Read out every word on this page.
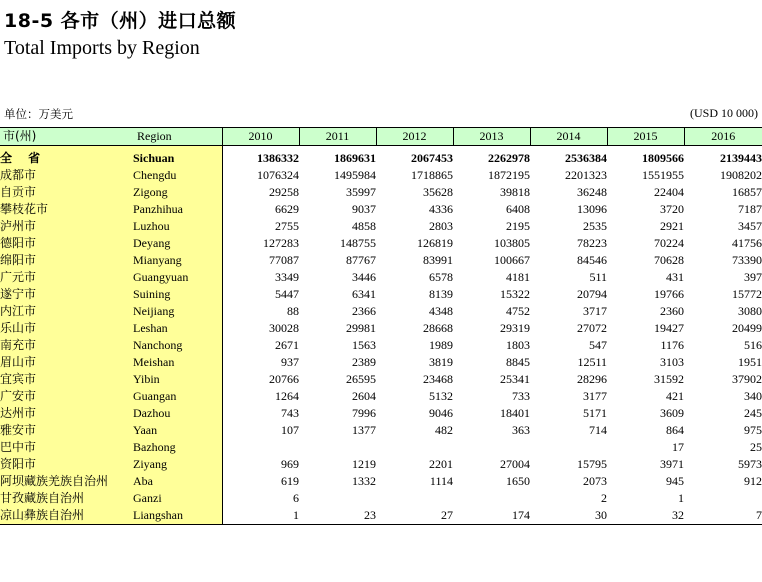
18-5 各市（州）进口总额
Total Imports by Region
单位：万美元	(USD 10 000)
市(州)	Region	2010	2011	2012	2013	2014	2015	2016
全 省	Sichuan	1386332	1869631	2067453	2262978	2536384	1809566	2139443
成都市	Chengdu	1076324	1495984	1718865	1872195	2201323	1551955	1908202
自贡市	Zigong	29258	35997	35628	39818	36248	22404	16857
攀枝花市	Panzhihua	6629	9037	4336	6408	13096	3720	7187
泸州市	Luzhou	2755	4858	2803	2195	2535	2921	3457
德阳市	Deyang	127283	148755	126819	103805	78223	70224	41756
绵阳市	Mianyang	77087	87767	83991	100667	84546	70628	73390
广元市	Guangyuan	3349	3446	6578	4181	511	431	397
遂宁市	Suining	5447	6341	8139	15322	20794	19766	15772
内江市	Neijiang	88	2366	4348	4752	3717	2360	3080
乐山市	Leshan	30028	29981	28668	29319	27072	19427	20499
南充市	Nanchong	2671	1563	1989	1803	547	1176	516
眉山市	Meishan	937	2389	3819	8845	12511	3103	1951
宜宾市	Yibin	20766	26595	23468	25341	28296	31592	37902
广安市	Guangan	1264	2604	5132	733	3177	421	340
达州市	Dazhou	743	7996	9046	18401	5171	3609	245
雅安市	Yaan	107	1377	482	363	714	864	975
巴中市	Bazhong						17	25
资阳市	Ziyang	969	1219	2201	27004	15795	3971	5973
阿坝藏族羌族自治州	Aba	619	1332	1114	1650	2073	945	912
甘孜藏族自治州	Ganzi	6				2	1	
凉山彝族自治州	Liangshan	1	23	27	174	30	32	7
